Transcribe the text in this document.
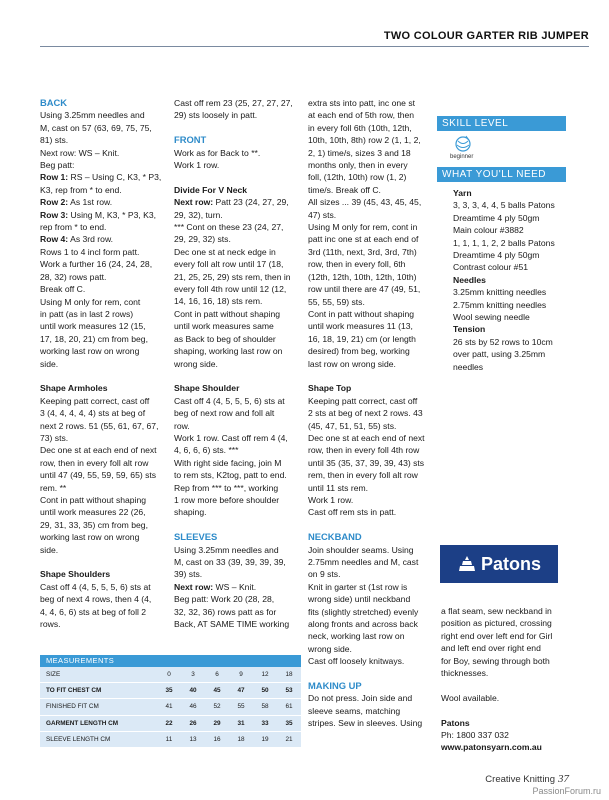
TWO COLOUR GARTER RIB JUMPER

BACK

Using 3.25mm needles and

M, cast on 57 (63, 69, 75, 75,

81) sts.

Next row: WS – Knit.

Beg patt:

Row 1: RS – Using C, K3, * P3,

K3, rep from * to end.

Row 2: As 1st row.

Row 3: Using M, K3, * P3, K3,

rep from * to end.

Row 4: As 3rd row.

Rows 1 to 4 incl form patt.

Work a further 16 (24, 24, 28,

28, 32) rows patt.

Break off C.

Using M only for rem, cont

in patt (as in last 2 rows)

until work measures 12 (15,

17, 18, 20, 21) cm from beg,

working last row on wrong

side.

Shape Armholes

Keeping patt correct, cast off

3 (4, 4, 4, 4, 4) sts at beg of

next 2 rows. 51 (55, 61, 67, 67,

73) sts.

Dec one st at each end of next

row, then in every foll alt row

until 47 (49, 55, 59, 59, 65) sts

rem. **

Cont in patt without shaping

until work measures 22 (26,

29, 31, 33, 35) cm from beg,

working last row on wrong

side.

Shape Shoulders

Cast off 4 (4, 5, 5, 5, 6) sts at

beg of next 4 rows, then 4 (4,

4, 4, 6, 6) sts at beg of foll 2

rows.

Cast off rem 23 (25, 27, 27, 27,

29) sts loosely in patt.

FRONT

Work as for Back to **.

Work 1 row.

Divide For V Neck

Next row: Patt 23 (24, 27, 29,

29, 32), turn.

*** Cont on these 23 (24, 27,

29, 29, 32) sts.

Dec one st at neck edge in

every foll alt row until 17 (18,

21, 25, 25, 29) sts rem, then in

every foll 4th row until 12 (12,

14, 16, 16, 18) sts rem.

Cont in patt without shaping

until work measures same

as Back to beg of shoulder

shaping, working last row on

wrong side.

Shape Shoulder

Cast off 4 (4, 5, 5, 5, 6) sts at

beg of next row and foll alt

row.

Work 1 row. Cast off rem 4 (4,

4, 6, 6, 6) sts. ***

With right side facing, join M

to rem sts, K2tog, patt to end.

Rep from *** to ***, working

1 row more before shoulder

shaping.

SLEEVES

Using 3.25mm needles and

M, cast on 33 (39, 39, 39, 39,

39) sts.

Next row: WS – Knit.

Beg patt: Work 20 (28, 28,

32, 32, 36) rows patt as for

Back, AT SAME TIME working

extra sts into patt, inc one st

at each end of 5th row, then

in every foll 6th (10th, 12th,

10th, 10th, 8th) row 2 (1, 1, 2,

2, 1) time/s, sizes 3 and 18

months only, then in every

foll, (12th, 10th) row (1, 2)

time/s. Break off C.

All sizes ... 39 (45, 43, 45, 45,

47) sts.

Using M only for rem, cont in

patt inc one st at each end of

3rd (11th, next, 3rd, 3rd, 7th)

row, then in every foll, 6th

(12th, 12th, 10th, 12th, 10th)

row until there are 47 (49, 51,

55, 55, 59) sts.

Cont in patt without shaping

until work measures 11 (13,

16, 18, 19, 21) cm (or length

desired) from beg, working

last row on wrong side.

Shape Top

Keeping patt correct, cast off

2 sts at beg of next 2 rows. 43

(45, 47, 51, 51, 55) sts.

Dec one st at each end of next

row, then in every foll 4th row

until 35 (35, 37, 39, 39, 43) sts

rem, then in every foll alt row

until 11 sts rem.

Work 1 row.

Cast off rem sts in patt.

NECKBAND

Join shoulder seams. Using

2.75mm needles and M, cast

on 9 sts.

Knit in garter st (1st row is

wrong side) until neckband

fits (slightly stretched) evenly

along fronts and across back

neck, working last row on

wrong side.

Cast off loosely knitways.

MAKING UP

Do not press. Join side and

sleeve seams, matching

stripes. Sew in sleeves. Using

SKILL LEVEL
beginner
WHAT YOU'LL NEED

Yarn

3, 3, 3, 4, 4, 5 balls Patons

Dreamtime 4 ply 50gm

Main colour #3882

1, 1, 1, 1, 2, 2 balls Patons

Dreamtime 4 ply 50gm

Contrast colour #51

Needles

3.25mm knitting needles

2.75mm knitting needles

Wool sewing needle

Tension

26 sts by 52 rows to 10cm

over patt, using 3.25mm

needles

Patons

a flat seam, sew neckband in

position as pictured, crossing

right end over left end for Girl

and left end over right end

for Boy, sewing through both

thicknesses.

Wool available.

Patons

Ph: 1800 337 032

www.patonsyarn.com.au

MEASUREMENTS
SIZE	0	3	6	9	12	18
TO FIT CHEST CM	35	40	45	47	50	53
FINISHED FIT CM	41	46	52	55	58	61
GARMENT LENGTH CM	22	26	29	31	33	35
SLEEVE LENGTH CM	11	13	16	18	19	21
Creative Knitting 37
PassionForum.ru
